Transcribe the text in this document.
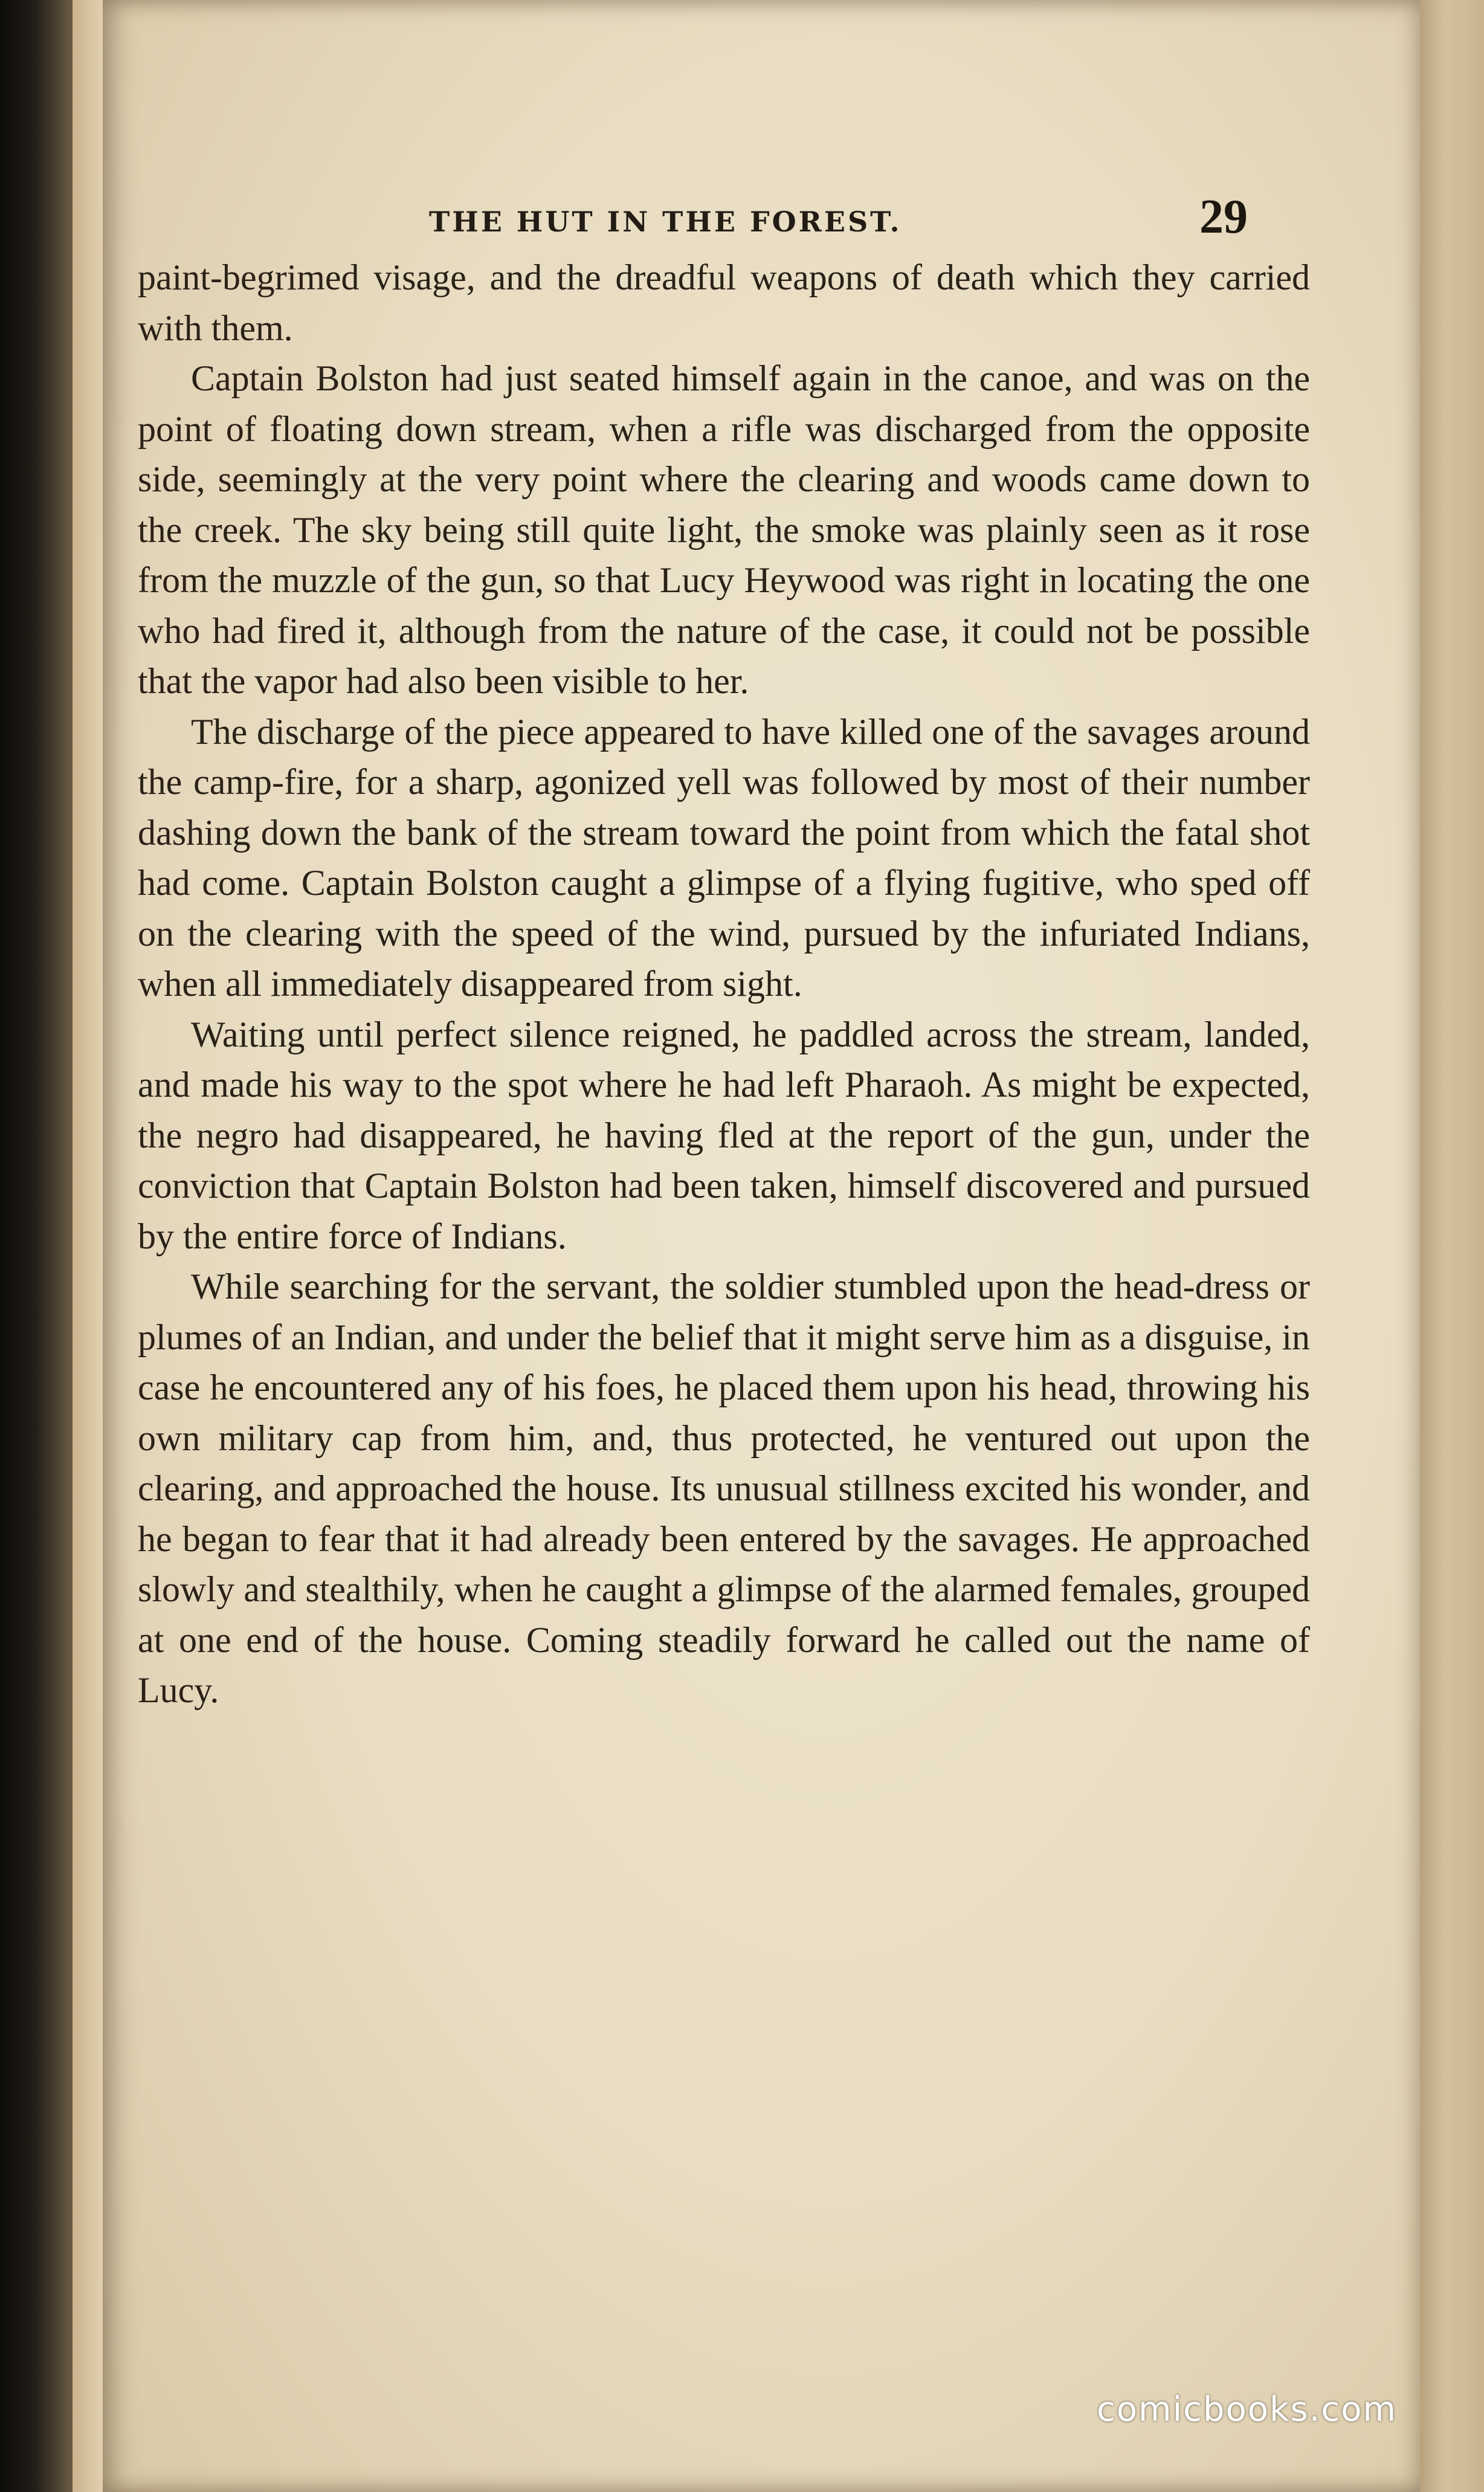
THE HUT IN THE FOREST.	29

paint-begrimed visage, and the dreadful weapons of death which they carried with them.

Captain Bolston had just seated himself again in the canoe, and was on the point of floating down stream, when a rifle was discharged from the opposite side, seemingly at the very point where the clearing and woods came down to the creek. The sky being still quite light, the smoke was plainly seen as it rose from the muzzle of the gun, so that Lucy Heywood was right in locating the one who had fired it, although from the nature of the case, it could not be possible that the vapor had also been visible to her.

The discharge of the piece appeared to have killed one of the savages around the camp-fire, for a sharp, agonized yell was followed by most of their number dashing down the bank of the stream toward the point from which the fatal shot had come. Captain Bolston caught a glimpse of a flying fugitive, who sped off on the clearing with the speed of the wind, pursued by the infuriated Indians, when all immediately disappeared from sight.

Waiting until perfect silence reigned, he paddled across the stream, landed, and made his way to the spot where he had left Pharaoh. As might be expected, the negro had disappeared, he having fled at the report of the gun, under the conviction that Captain Bolston had been taken, himself discovered and pursued by the entire force of Indians.

While searching for the servant, the soldier stumbled upon the head-dress or plumes of an Indian, and under the belief that it might serve him as a disguise, in case he encountered any of his foes, he placed them upon his head, throwing his own military cap from him, and, thus protected, he ventured out upon the clearing, and approached the house. Its unusual stillness excited his wonder, and he began to fear that it had already been entered by the savages. He approached slowly and stealthily, when he caught a glimpse of the alarmed females, grouped at one end of the house. Coming steadily forward he called out the name of Lucy.

comicbooks.com
